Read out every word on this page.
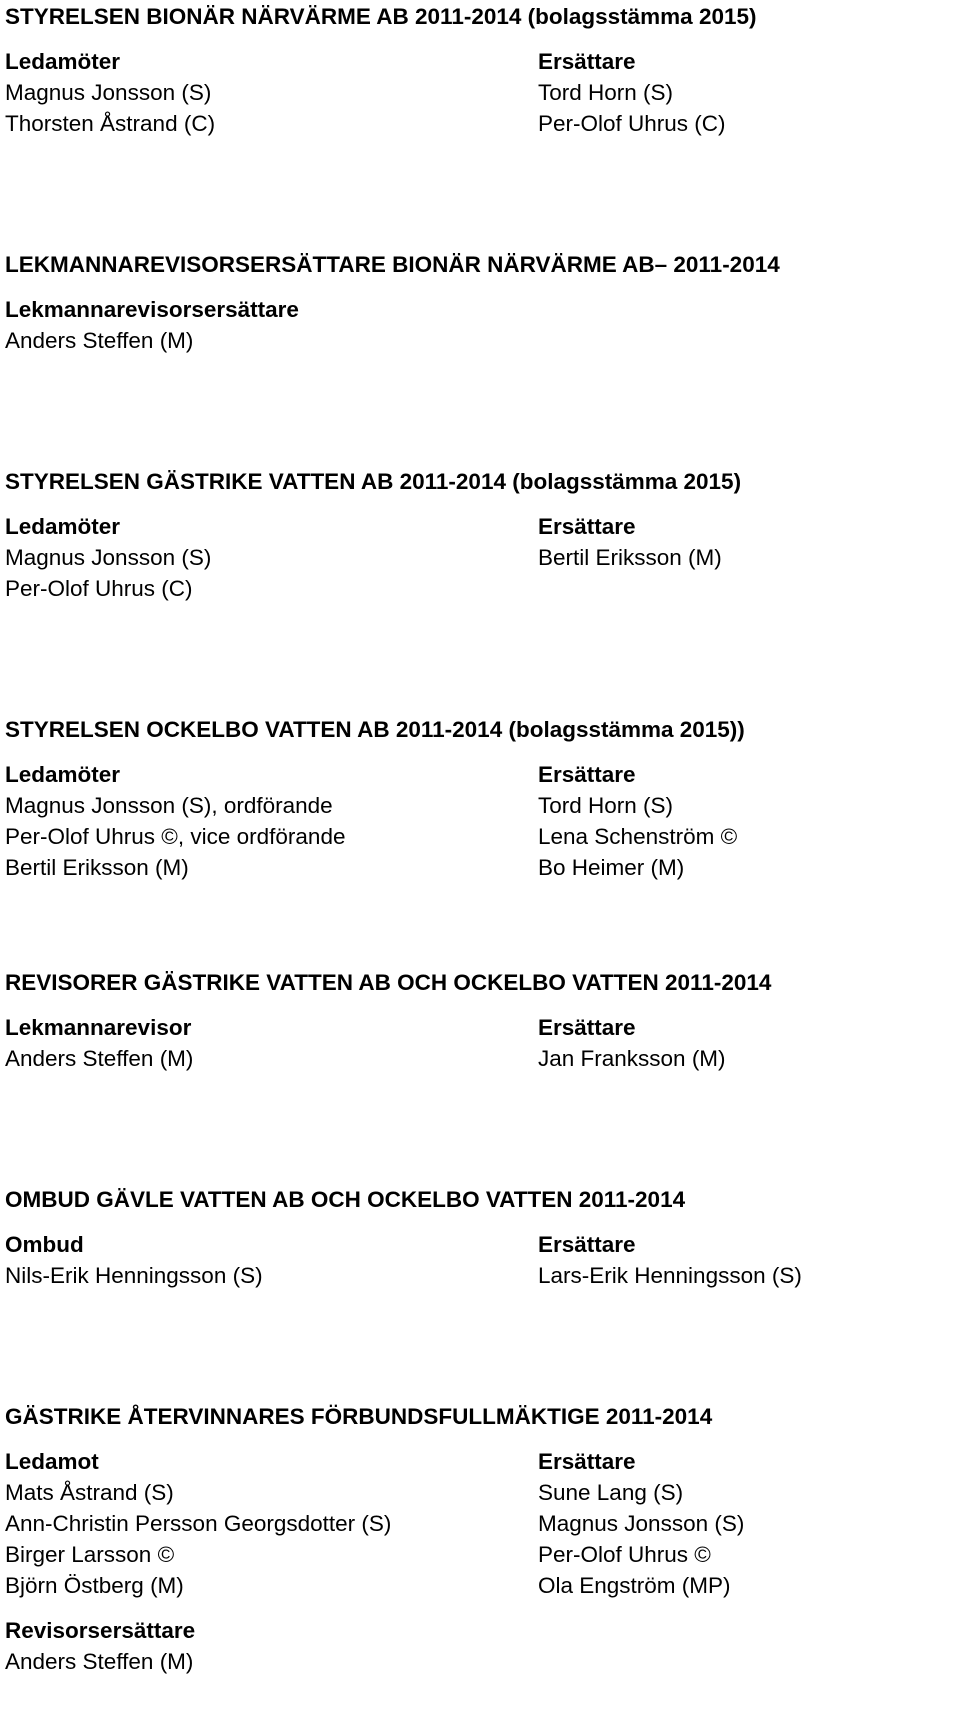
STYRELSEN BIONÄR NÄRVÄRME AB 2011-2014 (bolagsstämma 2015)
Ledamöter
Magnus Jonsson (S)
Thorsten Åstrand (C)
Ersättare
Tord Horn (S)
Per-Olof Uhrus (C)
LEKMANNAREVISORSERSÄTTARE BIONÄR NÄRVÄRME AB– 2011-2014
Lekmannarevisorsersättare
Anders Steffen (M)
STYRELSEN GÄSTRIKE VATTEN AB 2011-2014 (bolagsstämma 2015)
Ledamöter
Magnus Jonsson (S)
Per-Olof Uhrus (C)
Ersättare
Bertil Eriksson (M)
STYRELSEN OCKELBO VATTEN AB 2011-2014 (bolagsstämma 2015))
Ledamöter
Magnus Jonsson (S), ordförande
Per-Olof Uhrus ©, vice ordförande
Bertil Eriksson (M)
Ersättare
Tord Horn (S)
Lena Schenström ©
Bo Heimer (M)
REVISORER GÄSTRIKE VATTEN AB OCH OCKELBO VATTEN 2011-2014
Lekmannarevisor
Anders Steffen (M)
Ersättare
Jan Franksson (M)
OMBUD GÄVLE VATTEN AB OCH OCKELBO VATTEN 2011-2014
Ombud
Nils-Erik Henningsson (S)
Ersättare
Lars-Erik Henningsson (S)
GÄSTRIKE ÅTERVINNARES FÖRBUNDSFULLMÄKTIGE 2011-2014
Ledamot
Mats Åstrand (S)
Ann-Christin Persson Georgsdotter (S)
Birger Larsson ©
Björn Östberg (M)
Ersättare
Sune Lang (S)
Magnus Jonsson (S)
Per-Olof Uhrus ©
Ola Engström (MP)
Revisorsersättare
Anders Steffen (M)
